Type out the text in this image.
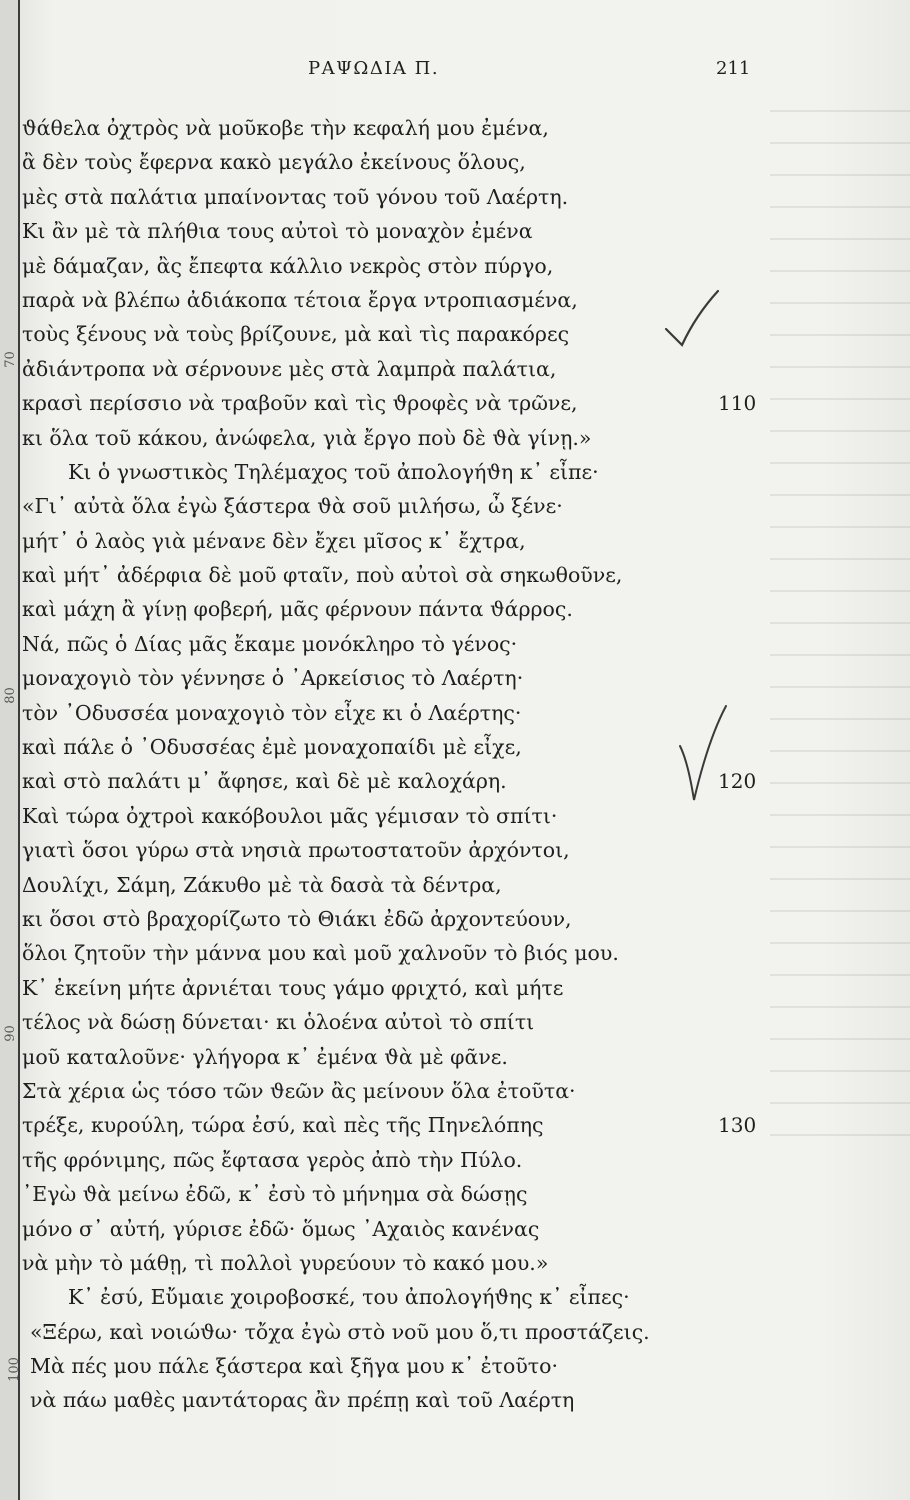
ΡΑΨΩΔΙΑ Π.	211
70
80
90
100
ϑάθελα ὀχτρὸς νὰ μοῦκοβε τὴν κεφαλή μου ἐμένα,
ἂ δὲν τοὺς ἔφερνα κακὸ μεγάλο ἐκείνους ὅλους,
μὲς στὰ παλάτια μπαίνοντας τοῦ γόνου τοῦ Λαέρτη.
Κι ἂν μὲ τὰ πλήθια τους αὐτοὶ τὸ μοναχὸν ἐμένα
μὲ δάμαζαν, ἂς ἔπεφτα κάλλιο νεκρὸς στὸν πύργο,
παρὰ νὰ βλέπω ἀδιάκοπα τέτοια ἔργα ντροπιασμένα,
τοὺς ξένους νὰ τοὺς βρίζουνε, μὰ καὶ τὶς παρακόρες
ἀδιάντροπα νὰ σέρνουνε μὲς στὰ λαμπρὰ παλάτια,
κρασὶ περίσσιο νὰ τραβοῦν καὶ τὶς ϑροφὲς νὰ τρῶνε,	110
κι ὅλα τοῦ κάκου, ἀνώφελα, γιὰ ἔργο ποὺ δὲ ϑὰ γίνῃ.»
Κι ὁ γνωστικὸς Τηλέμαχος τοῦ ἀπολογήϑη κ᾿ εἶπε·
«Γι᾿ αὐτὰ ὅλα ἐγὼ ξάστερα ϑὰ σοῦ μιλήσω, ὦ ξένε·
μήτ᾿ ὁ λαὸς γιὰ μένανε δὲν ἔχει μῖσος κ᾿ ἔχτρα,
καὶ μήτ᾿ ἀδέρφια δὲ μοῦ φταῖν, ποὺ αὐτοὶ σὰ σηκωθοῦνε,
καὶ μάχη ἂ γίνῃ φοβερή, μᾶς φέρνουν πάντα ϑάρρος.
Νά, πῶς ὁ Δίας μᾶς ἔκαμε μονόκληρο τὸ γένος·
μοναχογιὸ τὸν γέννησε ὁ ᾿Αρκείσιος τὸ Λαέρτη·
τὸν ᾿Οδυσσέα μοναχογιὸ τὸν εἶχε κι ὁ Λαέρτης·
καὶ πάλε ὁ ᾿Οδυσσέας ἐμὲ μοναχοπαίδι μὲ εἶχε,
καὶ στὸ παλάτι μ᾿ ἄφησε, καὶ δὲ μὲ καλοχάρη.	120
Καὶ τώρα ὀχτροὶ κακόβουλοι μᾶς γέμισαν τὸ σπίτι·
γιατὶ ὅσοι γύρω στὰ νησιὰ πρωτοστατοῦν ἀρχόντοι,
Δουλίχι, Σάμη, Ζάκυθο μὲ τὰ δασὰ τὰ δέντρα,
κι ὅσοι στὸ βραχορίζωτο τὸ Θιάκι ἐδῶ ἀρχοντεύουν,
ὅλοι ζητοῦν τὴν μάννα μου καὶ μοῦ χαλνοῦν τὸ βιός μου.
Κ᾿ ἐκείνη μήτε ἀρνιέται τους γάμο φριχτό, καὶ μήτε
τέλος νὰ δώσῃ δύνεται· κι ὁλοένα αὐτοὶ τὸ σπίτι
μοῦ καταλοῦνε· γλήγορα κ᾿ ἐμένα ϑὰ μὲ φᾶνε.
Στὰ χέρια ὡς τόσο τῶν ϑεῶν ἂς μείνουν ὅλα ἐτοῦτα·
τρέξε, κυρούλη, τώρα ἐσύ, καὶ πὲς τῆς Πηνελόπης	130
τῆς φρόνιμης, πῶς ἔφτασα γερὸς ἀπὸ τὴν Πύλο.
᾿Εγὼ ϑὰ μείνω ἐδῶ, κ᾿ ἐσὺ τὸ μήνημα σὰ δώσῃς
μόνο σ᾿ αὐτή, γύρισε ἐδῶ· ὅμως ᾿Αχαιὸς κανένας
νὰ μὴν τὸ μάθῃ, τὶ πολλοὶ γυρεύουν τὸ κακό μου.»
Κ᾿ ἐσύ, Εὔμαιε χοιροβοσκέ, του ἀπολογήϑης κ᾿ εἶπες·
«Ξέρω, καὶ νοιώϑω· τὄχα ἐγὼ στὸ νοῦ μου ὅ,τι προστάζεις.
Μὰ πές μου πάλε ξάστερα καὶ ξῆγα μου κ᾿ ἐτοῦτο·
νὰ πάω μαθὲς μαντάτορας ἂν πρέπῃ καὶ τοῦ Λαέρτη
